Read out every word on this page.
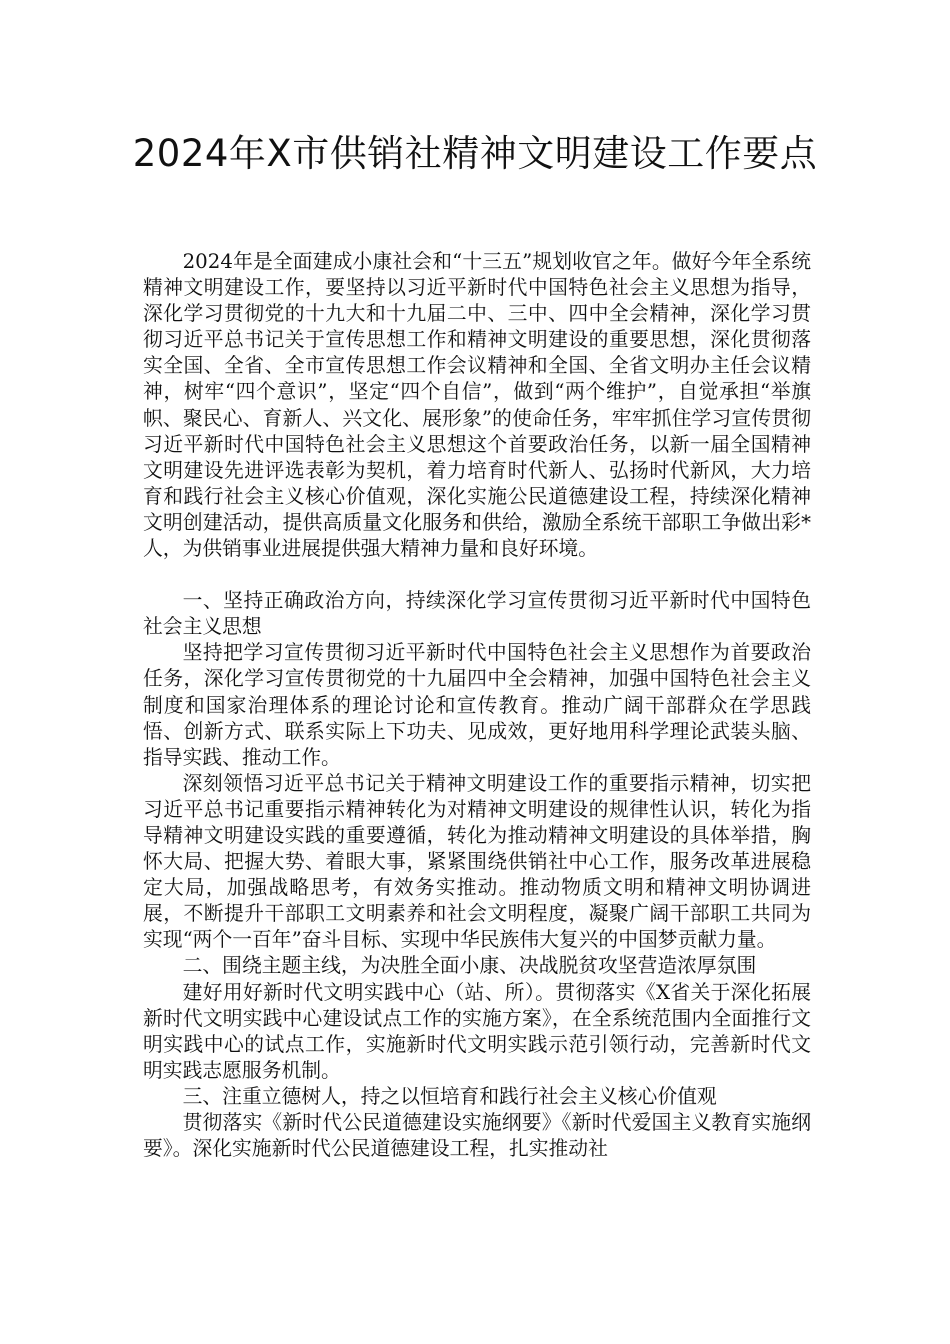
2024年X市供销社精神文明建设工作要点

2024年是全面建成小康社会和“十三五”规划收官之年。做好今年全系统精神文明建设工作，要坚持以习近平新时代中国特色社会主义思想为指导，深化学习贯彻党的十九大和十九届二中、三中、四中全会精神，深化学习贯彻习近平总书记关于宣传思想工作和精神文明建设的重要思想，深化贯彻落实全国、全省、全市宣传思想工作会议精神和全国、全省文明办主任会议精神，树牢“四个意识”，坚定“四个自信”，做到“两个维护”，自觉承担“举旗帜、聚民心、育新人、兴文化、展形象”的使命任务，牢牢抓住学习宣传贯彻习近平新时代中国特色社会主义思想这个首要政治任务，以新一届全国精神文明建设先进评选表彰为契机，着力培育时代新人、弘扬时代新风，大力培育和践行社会主义核心价值观，深化实施公民道德建设工程，持续深化精神文明创建活动，提供高质量文化服务和供给，激励全系统干部职工争做出彩*人，为供销事业进展提供强大精神力量和良好环境。

一、坚持正确政治方向，持续深化学习宣传贯彻习近平新时代中国特色社会主义思想

坚持把学习宣传贯彻习近平新时代中国特色社会主义思想作为首要政治任务，深化学习宣传贯彻党的十九届四中全会精神，加强中国特色社会主义制度和国家治理体系的理论讨论和宣传教育。推动广阔干部群众在学思践悟、创新方式、联系实际上下功夫、见成效，更好地用科学理论武装头脑、指导实践、推动工作。

深刻领悟习近平总书记关于精神文明建设工作的重要指示精神，切实把习近平总书记重要指示精神转化为对精神文明建设的规律性认识，转化为指导精神文明建设实践的重要遵循，转化为推动精神文明建设的具体举措，胸怀大局、把握大势、着眼大事，紧紧围绕供销社中心工作，服务改革进展稳定大局，加强战略思考，有效务实推动。推动物质文明和精神文明协调进展，不断提升干部职工文明素养和社会文明程度，凝聚广阔干部职工共同为实现“两个一百年”奋斗目标、实现中华民族伟大复兴的中国梦贡献力量。

二、围绕主题主线，为决胜全面小康、决战脱贫攻坚营造浓厚氛围

建好用好新时代文明实践中心（站、所）。贯彻落实《X省关于深化拓展新时代文明实践中心建设试点工作的实施方案》，在全系统范围内全面推行文明实践中心的试点工作，实施新时代文明实践示范引领行动，完善新时代文明实践志愿服务机制。

三、注重立德树人，持之以恒培育和践行社会主义核心价值观

贯彻落实《新时代公民道德建设实施纲要》《新时代爱国主义教育实施纲要》。深化实施新时代公民道德建设工程，扎实推动社
